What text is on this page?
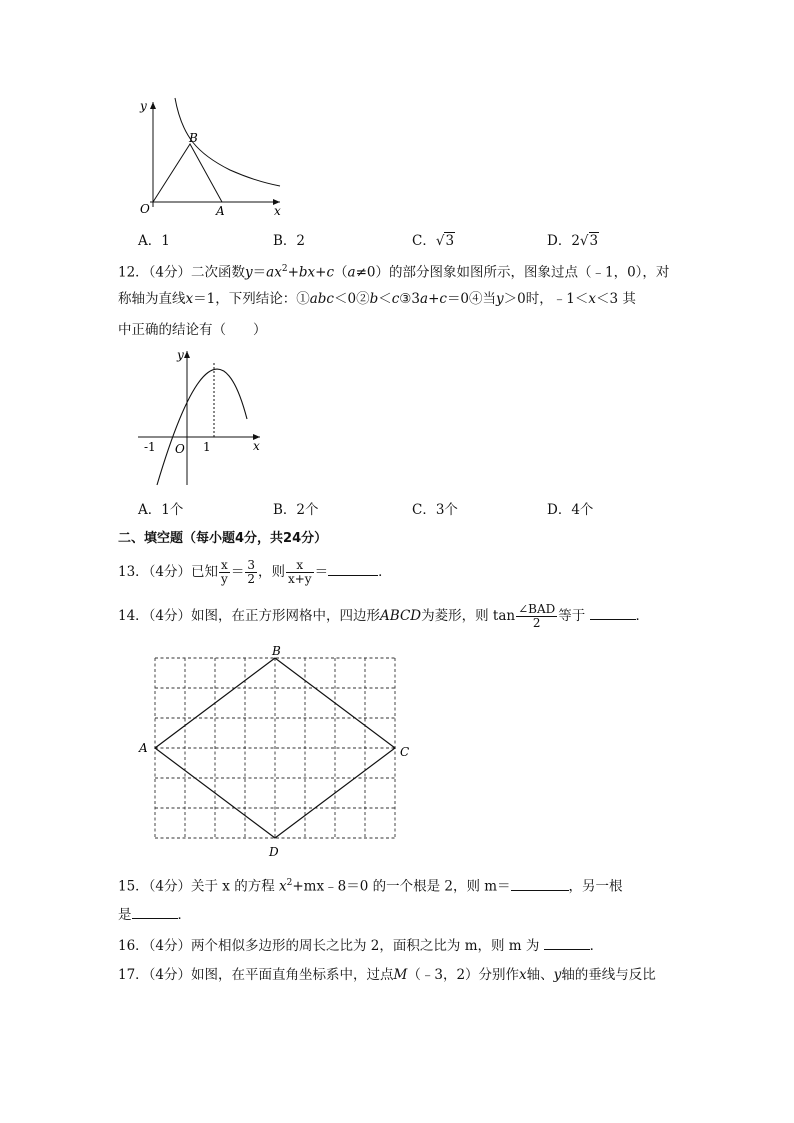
y
B
O	A	x
A．1	B．2	C．√3	D．2√3
12．（4分）二次函数$y=ax^2+bx+c(a\ne 0)$的部分图象如图所示，图象过点（﹣1，0），对
称轴为直线x＝1，下列结论：①abc＜0②b＜c③3a+c＝0④当y＞0时，﹣1＜x＜3 其
中正确的结论有（　　）
y
-1 O 1	x
A．1个	B．2个	C．3个	D．4个
二、填空题（每小题4分，共24分）
13．（4分）已知 $\frac{x}{y} = \frac{3}{2}$ ，则 $\frac{x}{x+y}$ ＝	．
14．（4分）如图，在正方形网格中，四边形ABCD为菱形，则 $\tan \frac{\text{∠BAD}}{2}$ 等于	．
B
A	C
D
15．（4分）关于 x 的方程 $x^2+mx﹣8=0$ 的一个根是 2，则 m＝	，另一根
是	．
16．（4分）两个相似多边形的周长之比为 2，面积之比为 m，则 m 为	．
17．（4分）如图，在平面直角坐标系中，过点M（﹣3，2）分别作x轴、y轴的垂线与反比
